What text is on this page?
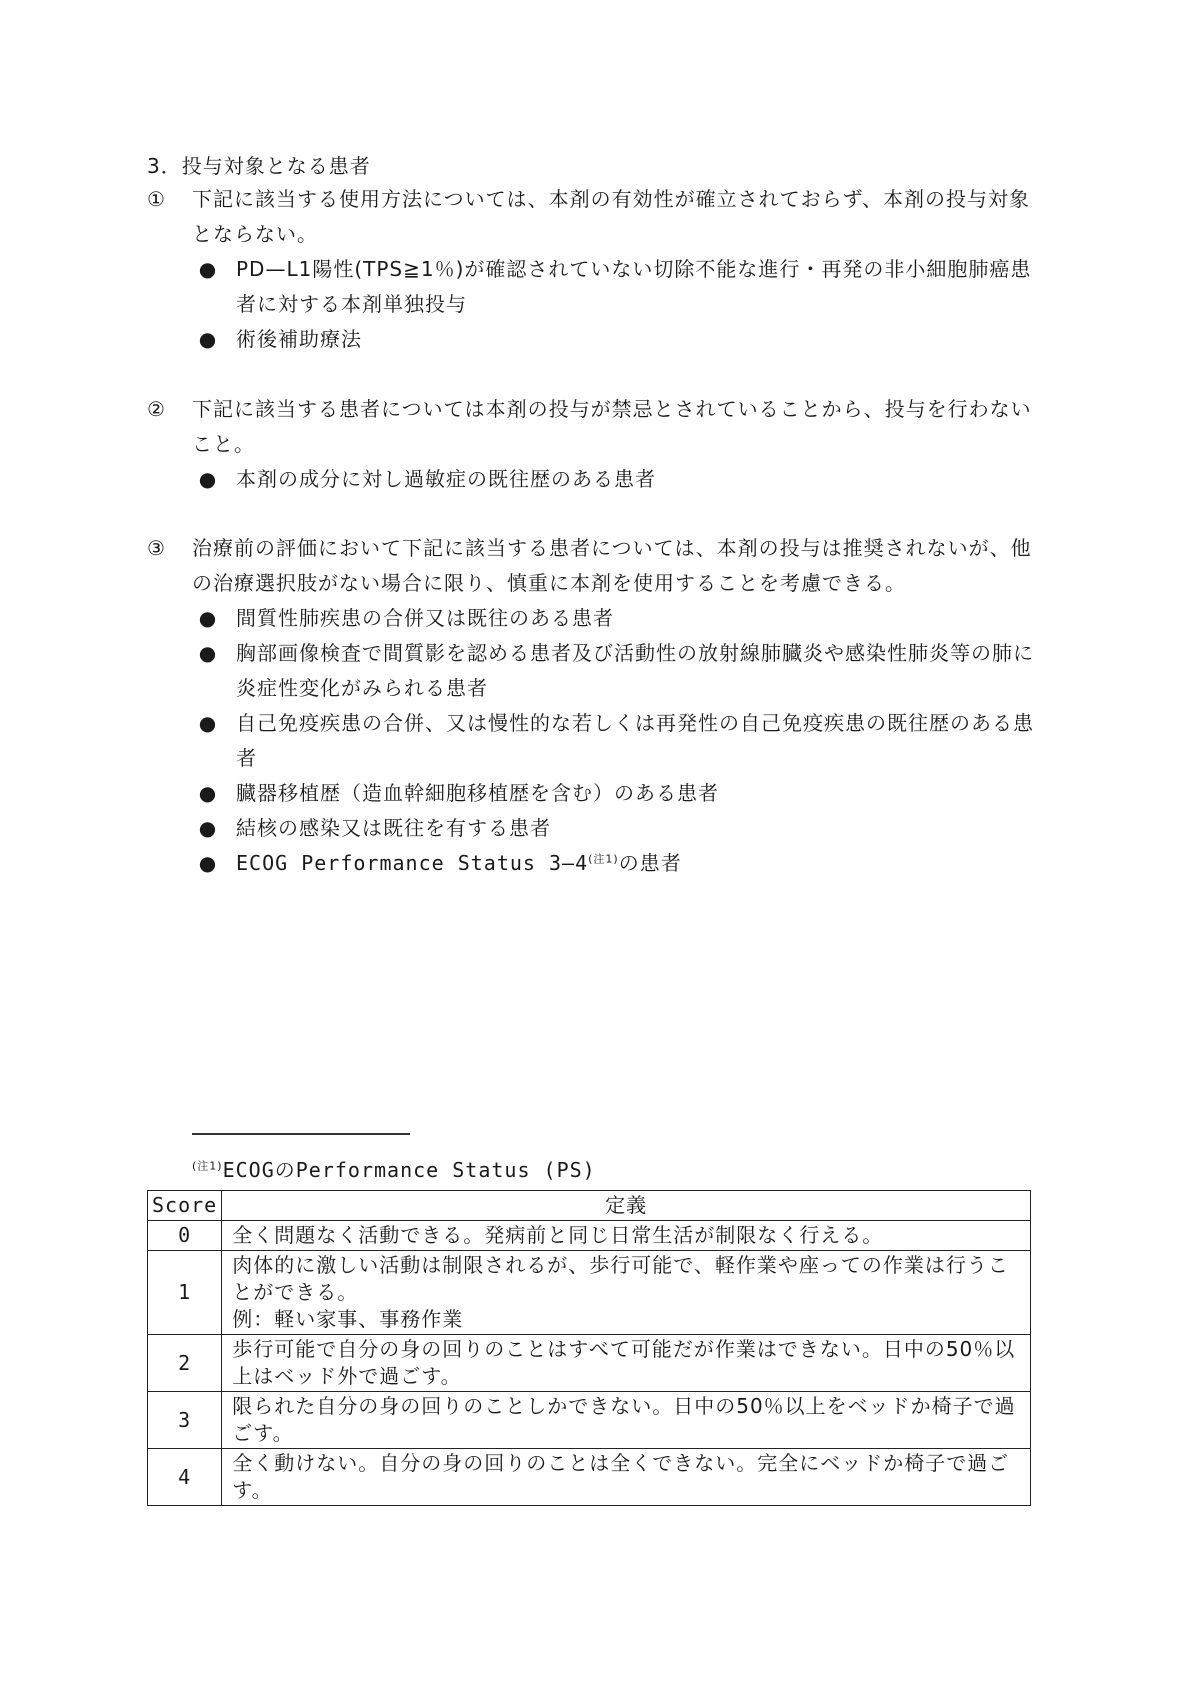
3．投与対象となる患者
①	下記に該当する使用方法については、本剤の有効性が確立されておらず、本剤の投与対象とならない。
● PD—L1陽性(TPS≧1％)が確認されていない切除不能な進行・再発の非小細胞肺癌患者に対する本剤単独投与
● 術後補助療法
②	下記に該当する患者については本剤の投与が禁忌とされていることから、投与を行わないこと。
● 本剤の成分に対し過敏症の既往歴のある患者
③	治療前の評価において下記に該当する患者については、本剤の投与は推奨されないが、他の治療選択肢がない場合に限り、慎重に本剤を使用することを考慮できる。
● 間質性肺疾患の合併又は既往のある患者
● 胸部画像検査で間質影を認める患者及び活動性の放射線肺臓炎や感染性肺炎等の肺に炎症性変化がみられる患者
● 自己免疫疾患の合併、又は慢性的な若しくは再発性の自己免疫疾患の既往歴のある患者
● 臓器移植歴（造血幹細胞移植歴を含む）のある患者
● 結核の感染又は既往を有する患者
● ECOG Performance Status $3—4^{(注1)}$の患者
$^{(注1)}$ECOGのPerformance Status (PS)
Score	定義
0	全く問題なく活動できる。発病前と同じ日常生活が制限なく行える。

1	肉体的に激しい活動は制限されるが、歩行可能で、軽作業や座っての作業は行うことができる。
例：軽い家事、事務作業

2	歩行可能で自分の身の回りのことはすべて可能だが作業はできない。日中の50％以上はベッド外で過ごす。

3	限られた自分の身の回りのことしかできない。日中の50％以上をベッドか椅子で過ごす。

4	全く動けない。自分の身の回りのことは全くできない。完全にベッドか椅子で過ごす。
